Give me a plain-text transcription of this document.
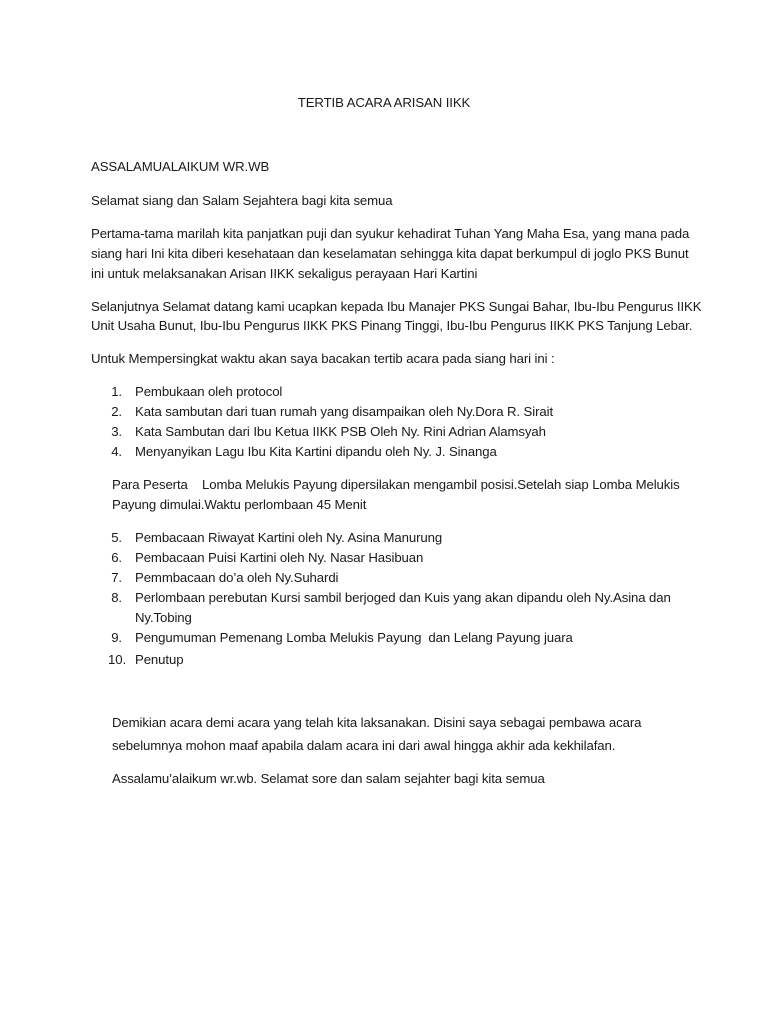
TERTIB ACARA ARISAN IIKK
ASSALAMUALAIKUM WR.WB
Selamat siang dan Salam Sejahtera bagi kita semua
Pertama-tama marilah kita panjatkan puji dan syukur kehadirat Tuhan Yang Maha Esa, yang mana pada
siang hari Ini kita diberi kesehataan dan keselamatan sehingga kita dapat berkumpul di joglo PKS Bunut
ini untuk melaksanakan Arisan IIKK sekaligus perayaan Hari Kartini
Selanjutnya Selamat datang kami ucapkan kepada Ibu Manajer PKS Sungai Bahar, Ibu-Ibu Pengurus IIKK
Unit Usaha Bunut, Ibu-Ibu Pengurus IIKK PKS Pinang Tinggi, Ibu-Ibu Pengurus IIKK PKS Tanjung Lebar.
Untuk Mempersingkat waktu akan saya bacakan tertib acara pada siang hari ini :
1. Pembukaan oleh protocol
2. Kata sambutan dari tuan rumah yang disampaikan oleh Ny.Dora R. Sirait
3. Kata Sambutan dari Ibu Ketua IIKK PSB Oleh Ny. Rini Adrian Alamsyah
4. Menyanyikan Lagu Ibu Kita Kartini dipandu oleh Ny. J. Sinanga
Para Peserta    Lomba Melukis Payung dipersilakan mengambil posisi.Setelah siap Lomba Melukis
Payung dimulai.Waktu perlombaan 45 Menit
5. Pembacaan Riwayat Kartini oleh Ny. Asina Manurung
6. Pembacaan Puisi Kartini oleh Ny. Nasar Hasibuan
7. Pemmbacaan do’a oleh Ny.Suhardi
8. Perlombaan perebutan Kursi sambil berjoged dan Kuis yang akan dipandu oleh Ny.Asina dan
Ny.Tobing
9. Pengumuman Pemenang Lomba Melukis Payung  dan Lelang Payung juara
10. Penutup
Demikian acara demi acara yang telah kita laksanakan. Disini saya sebagai pembawa acara
sebelumnya mohon maaf apabila dalam acara ini dari awal hingga akhir ada kekhilafan.
Assalamu’alaikum wr.wb. Selamat sore dan salam sejahter bagi kita semua
